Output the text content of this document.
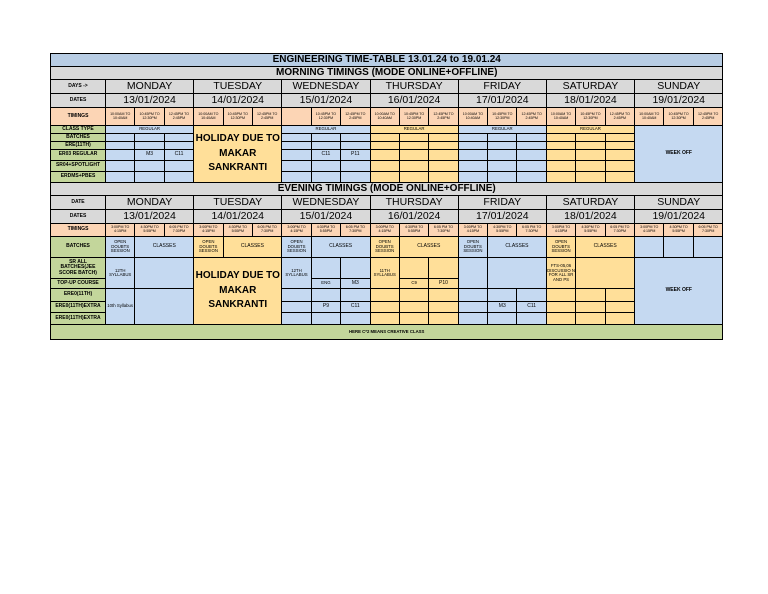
ENGINEERING TIME-TABLE 13.01.24 to 19.01.24																					
MORNING TIMINGS (MODE ONLINE+OFFLINE)																					
DAYS ->	MONDAY			TUESDAY			WEDNESDAY			THURSDAY			FRIDAY			SATURDAY			SUNDAY		
DATES	13/01/2024			14/01/2024			15/01/2024			16/01/2024			17/01/2024			18/01/2024			19/01/2024		
TIMINGS	10:00AM TO 10:40AM	10:45PM TO 12:30PM	12:45PM TO 2:45PM	10:00AM TO 10:40AM	10:45PM TO 12:30PM	12:45PM TO 2:45PM		10:45PM TO 12:30PM	12:45PM TO 2:45PM	10:00AM TO 10:40AM	10:45PM TO 12:30PM	12:45PM TO 2:45PM	10:00AM TO 10:40AM	10:45PM TO 12:30PM	12:45PM TO 2:45PM	10:00AM TO 10:40AM	10:45PM TO 12:30PM	12:45PM TO 2:45PM	10:00AM TO 10:40AM	10:45PM TO 12:30PM	12:45PM TO 2:45PM
CLASS TYPE	REGULAR			HOLIDAY DUE TO MAKAR SANKRANTI			REGULAR			REGULAR			REGULAR			REGULAR			WEEK OFF		
BATCHES																					
ERE(11TH)																					
ER03 REGULAR		M3	C11					C11	P11												
SR04+SPOTLIGHT																					
ERDMS+PBES																					
EVENING TIMINGS (MODE ONLINE+OFFLINE)																					
DATE	MONDAY			TUESDAY			WEDNESDAY			THURSDAY			FRIDAY			SATURDAY			SUNDAY		
DATES	13/01/2024			14/01/2024			15/01/2024			16/01/2024			17/01/2024			18/01/2024			19/01/2024		
TIMINGS	3:00PM TO 4:15PM	4:30PM TO 5:55PM	6:05 PM TO 7:30PM	3:00PM TO 4:15PM	4:30PM TO 5:55PM	6:05 PM TO 7:30PM	3:00PM TO 4:15PM	4:30PM TO 5:55PM	6:05 PM TO 7:30PM	3:00PM TO 4:15PM	4:30PM TO 5:55PM	6:05 PM TO 7:30PM	3:00PM TO 4:15PM	4:30PM TO 5:55PM	6:05 PM TO 7:30PM	3:00PM TO 4:15PM	4:30PM TO 5:55PM	6:05 PM TO 7:30PM	3:00PM TO 4:15PM	4:30PM TO 5:55PM	6:05 PM TO 7:30PM
BATCHES	OPEN DOUBTS SESSION	CLASSES		OPEN DOUBTS SESSION	CLASSES		OPEN DOUBTS SESSION	CLASSES		OPEN DOUBTS SESSION	CLASSES		OPEN DOUBTS SESSION	CLASSES		OPEN DOUBTS SESSION	CLASSES				
SR ALL BATCHES(JEE SCORE BATCH)	12TH SYLLABUS			HOLIDAY DUE TO MAKAR SANKRANTI			12TH SYLLABUS			11TH SYLLABUS						FTS-05,06 DISCUSSIO N FOR ALL SR AND PS			WEEK OFF		
TOP-UP COURSE								ENG	M3		C9	P10									
ERE0(11TH)	10th Syllabus																				
ERE0(11TH)EXTRA								P9	C11					M3	C11						
ERE0(11TH)EXTRA																					
HERE C*2 MEANS CREATIVE CLASS																					
